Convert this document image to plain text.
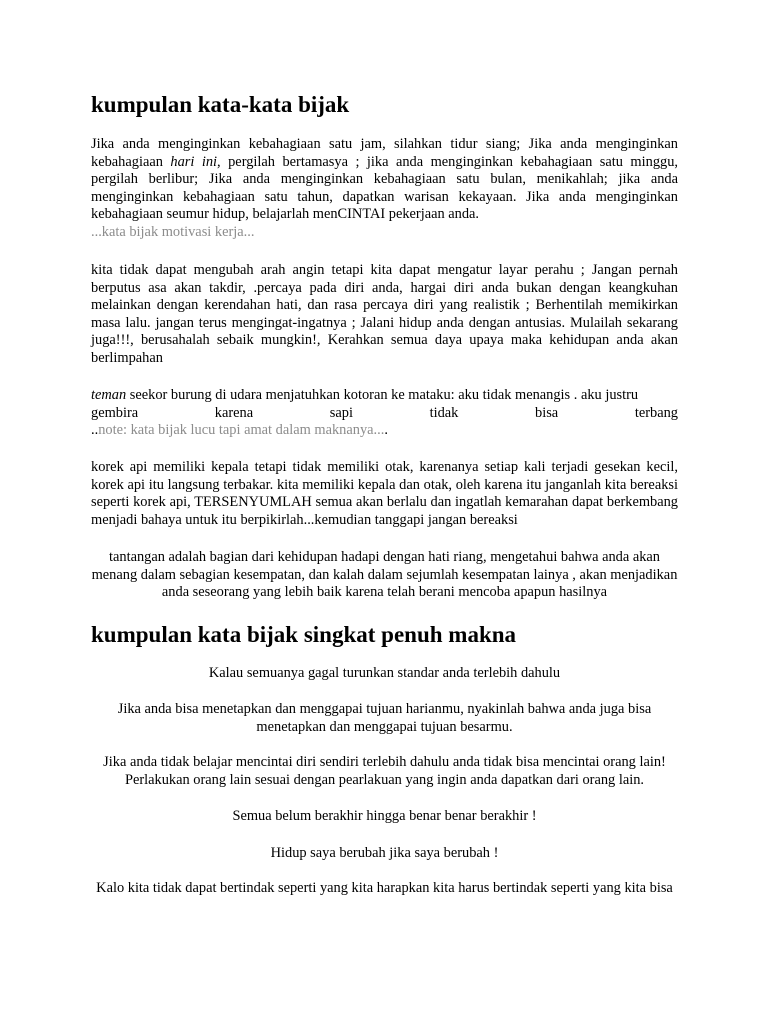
kumpulan kata-kata bijak

Jika anda menginginkan kebahagiaan satu jam, silahkan tidur siang; Jika anda menginginkan kebahagiaan hari ini, pergilah bertamasya ; jika anda menginginkan kebahagiaan satu minggu, pergilah berlibur; Jika anda menginginkan kebahagiaan satu bulan, menikahlah; jika anda menginginkan kebahagiaan satu tahun, dapatkan warisan kekayaan. Jika anda menginginkan kebahagiaan seumur hidup, belajarlah menCINTAI pekerjaan anda.
...kata bijak motivasi kerja...

kita tidak dapat mengubah arah angin tetapi kita dapat mengatur layar perahu ; Jangan pernah berputus asa akan takdir, .percaya pada diri anda, hargai diri anda bukan dengan keangkuhan melainkan dengan kerendahan hati, dan rasa percaya diri yang realistik ; Berhentilah memikirkan masa lalu. jangan terus mengingat-ingatnya ; Jalani hidup anda dengan antusias. Mulailah sekarang juga!!!, berusahalah sebaik mungkin!, Kerahkan semua daya upaya maka kehidupan anda akan berlimpahan

teman seekor burung di udara menjatuhkan kotoran ke mataku: aku tidak menangis . aku justru

gembira karena sapi tidak bisa terbang
..note: kata bijak lucu tapi amat dalam maknanya....

korek api memiliki kepala tetapi tidak memiliki otak, karenanya setiap kali terjadi gesekan kecil, korek api itu langsung terbakar. kita memiliki kepala dan otak, oleh karena itu janganlah kita bereaksi seperti korek api, TERSENYUMLAH semua akan berlalu dan ingatlah kemarahan dapat berkembang menjadi bahaya untuk itu berpikirlah...kemudian tanggapi jangan bereaksi

tantangan adalah bagian dari kehidupan hadapi dengan hati riang, mengetahui bahwa anda akan menang dalam sebagian kesempatan, dan kalah dalam sejumlah kesempatan lainya , akan menjadikan anda seseorang yang lebih baik karena telah berani mencoba apapun hasilnya

kumpulan kata bijak singkat penuh makna

Kalau semuanya gagal turunkan standar anda terlebih dahulu

Jika anda bisa menetapkan dan menggapai tujuan harianmu, nyakinlah bahwa anda juga bisa menetapkan dan menggapai tujuan besarmu.

Jika anda tidak belajar mencintai diri sendiri terlebih dahulu anda tidak bisa mencintai orang lain! Perlakukan orang lain sesuai dengan pearlakuan yang ingin anda dapatkan dari orang lain.

Semua belum berakhir hingga benar benar berakhir !

Hidup saya berubah jika saya berubah !

Kalo kita tidak dapat bertindak seperti yang kita harapkan kita harus bertindak seperti yang kita bisa
